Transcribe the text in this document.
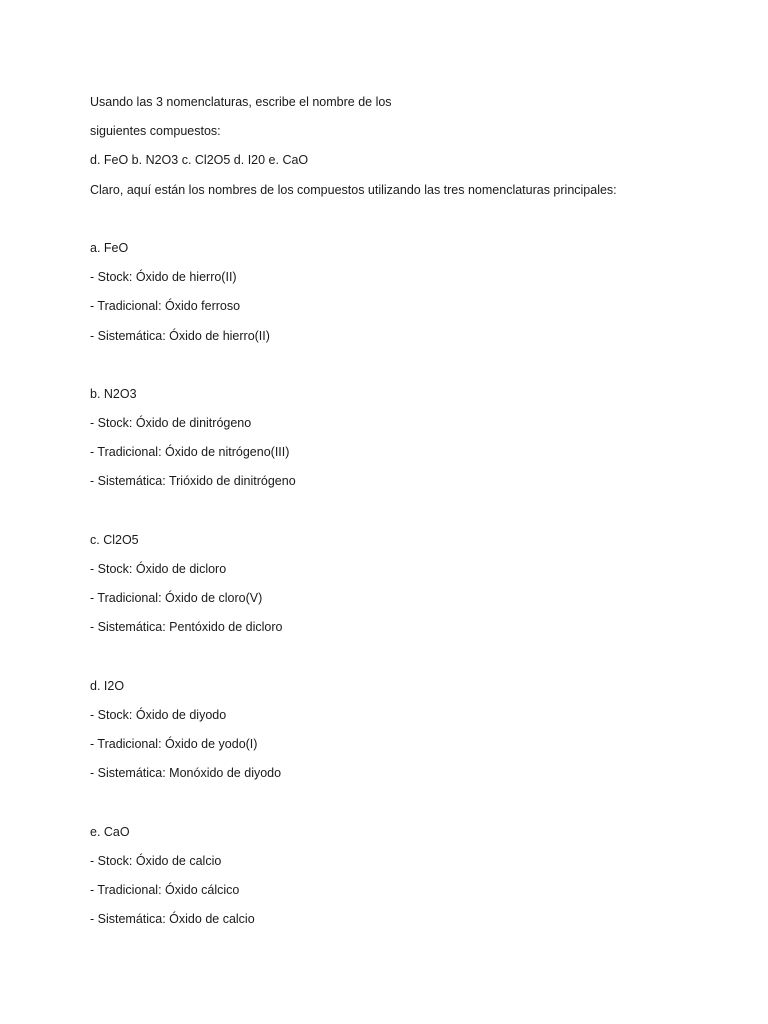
Usando las 3 nomenclaturas, escribe el nombre de los
siguientes compuestos:
d. FeO b. N2O3 c. Cl2O5 d. I20 e. CaO
Claro, aquí están los nombres de los compuestos utilizando las tres nomenclaturas principales:
a. FeO
- Stock: Óxido de hierro(II)
- Tradicional: Óxido ferroso
- Sistemática: Óxido de hierro(II)
b. N2O3
- Stock: Óxido de dinitrógeno
- Tradicional: Óxido de nitrógeno(III)
- Sistemática: Trióxido de dinitrógeno
c. Cl2O5
- Stock: Óxido de dicloro
- Tradicional: Óxido de cloro(V)
- Sistemática: Pentóxido de dicloro
d. I2O
- Stock: Óxido de diyodo
- Tradicional: Óxido de yodo(I)
- Sistemática: Monóxido de diyodo
e. CaO
- Stock: Óxido de calcio
- Tradicional: Óxido cálcico
- Sistemática: Óxido de calcio
